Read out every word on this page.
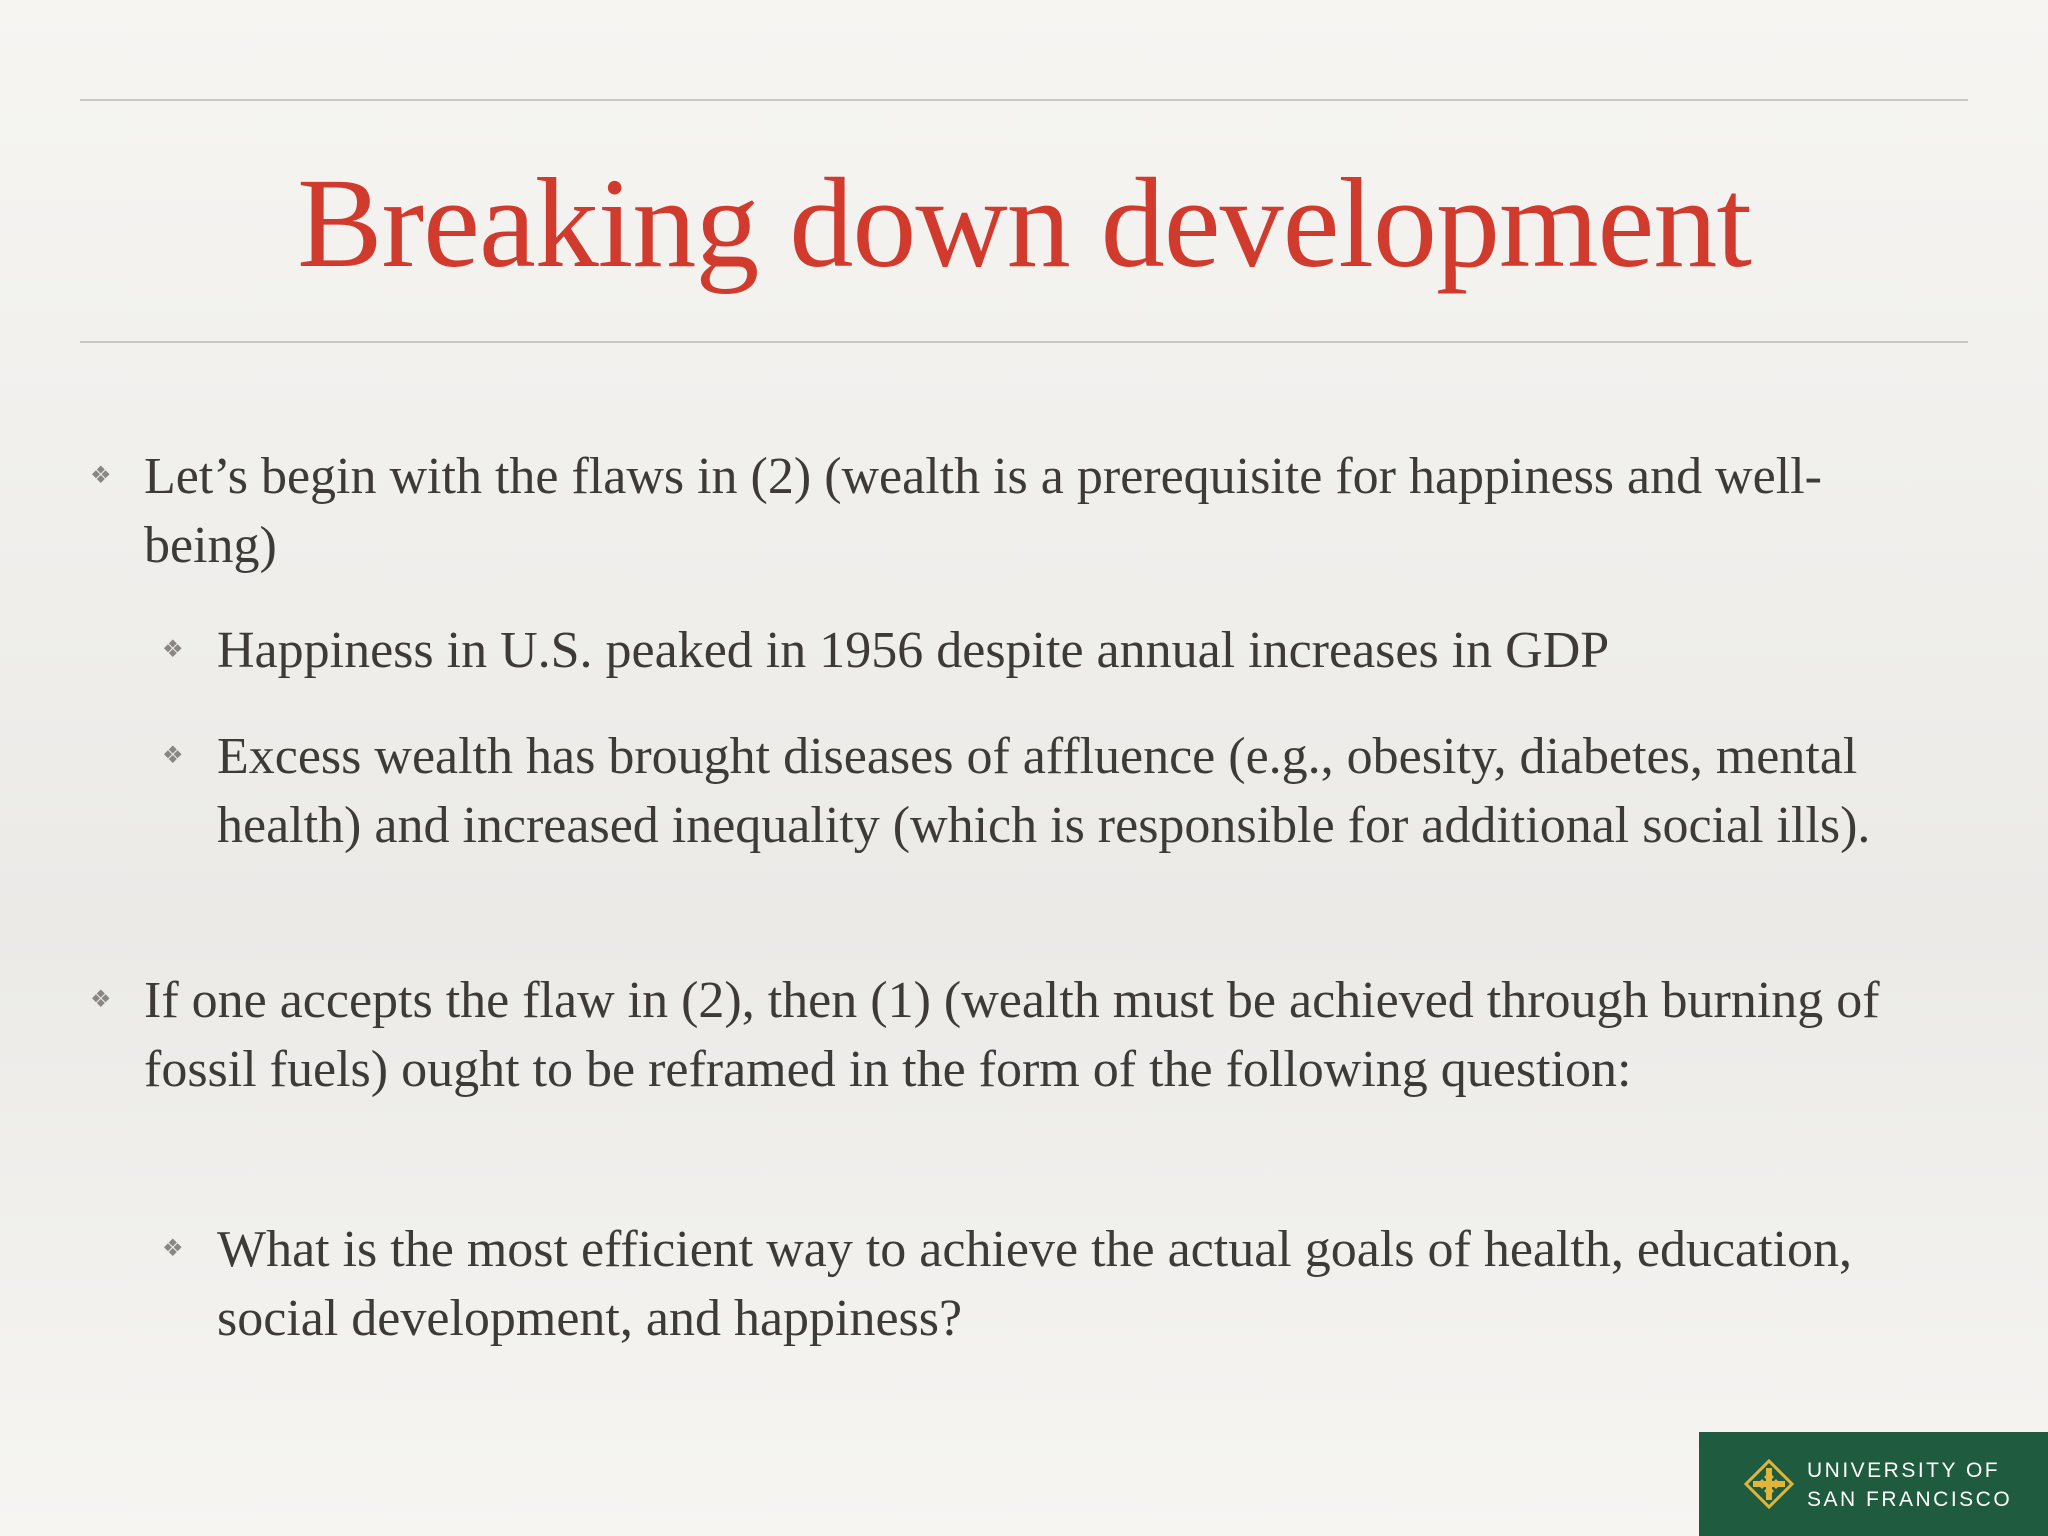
Breaking down development
❖ Let’s begin with the flaws in (2) (wealth is a prerequisite for happiness and well-being)
❖ Happiness in U.S. peaked in 1956 despite annual increases in GDP
❖ Excess wealth has brought diseases of affluence (e.g., obesity, diabetes, mental health) and increased inequality (which is responsible for additional social ills).
❖ If one accepts the flaw in (2), then (1) (wealth must be achieved through burning of fossil fuels) ought to be reframed in the form of the following question:
❖ What is the most efficient way to achieve the actual goals of health, education, social development, and happiness?
UNIVERSITY OF
SAN FRANCISCO
